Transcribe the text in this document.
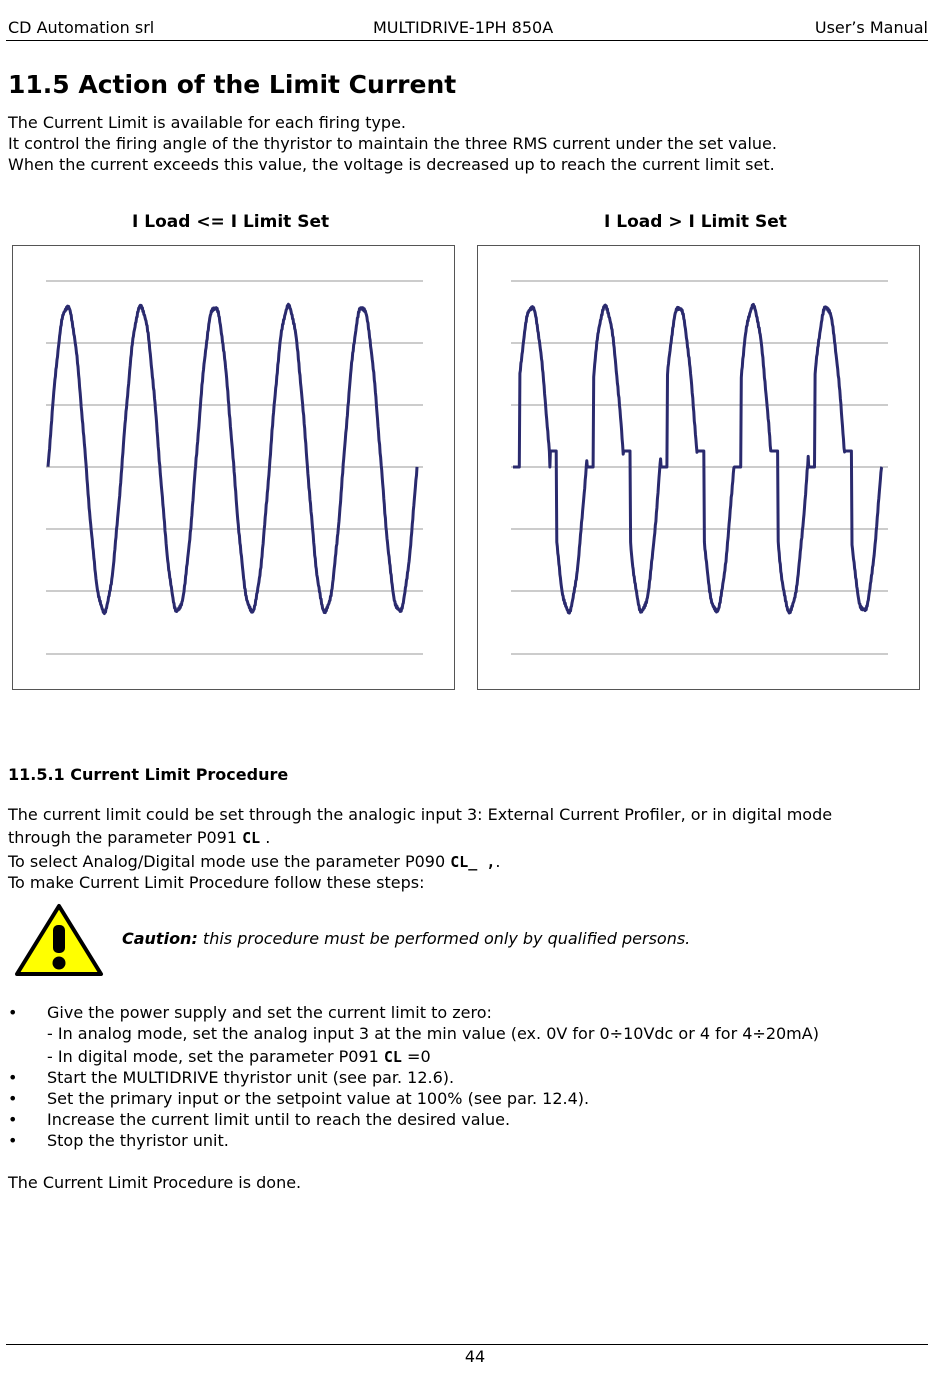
CD Automation srl	MULTIDRIVE-1PH 850A	User’s Manual
11.5 Action of the Limit Current
The Current Limit is available for each firing type.
It control the firing angle of the thyristor to maintain the three RMS current under the set value.
When the current exceeds this value, the voltage is decreased up to reach the current limit set.
I Load <= I Limit Set	I Load > I Limit Set
11.5.1 Current Limit Procedure
The current limit could be set through the analogic input 3: External Current Profiler, or in digital mode
through the parameter P091 CL .
To select Analog/Digital mode use the parameter P090 CL_ ,.
To make Current Limit Procedure follow these steps:
Caution: this procedure must be performed only by qualified persons.
• Give the power supply and set the current limit to zero:
- In analog mode, set the analog input 3 at the min value (ex. 0V for 0÷10Vdc or 4 for 4÷20mA)
- In digital mode, set the parameter P091 CL =0
• Start the MULTIDRIVE thyristor unit (see par. 12.6).
• Set the primary input or the setpoint value at 100% (see par. 12.4).
• Increase the current limit until to reach the desired value.
• Stop the thyristor unit.
The Current Limit Procedure is done.
44
